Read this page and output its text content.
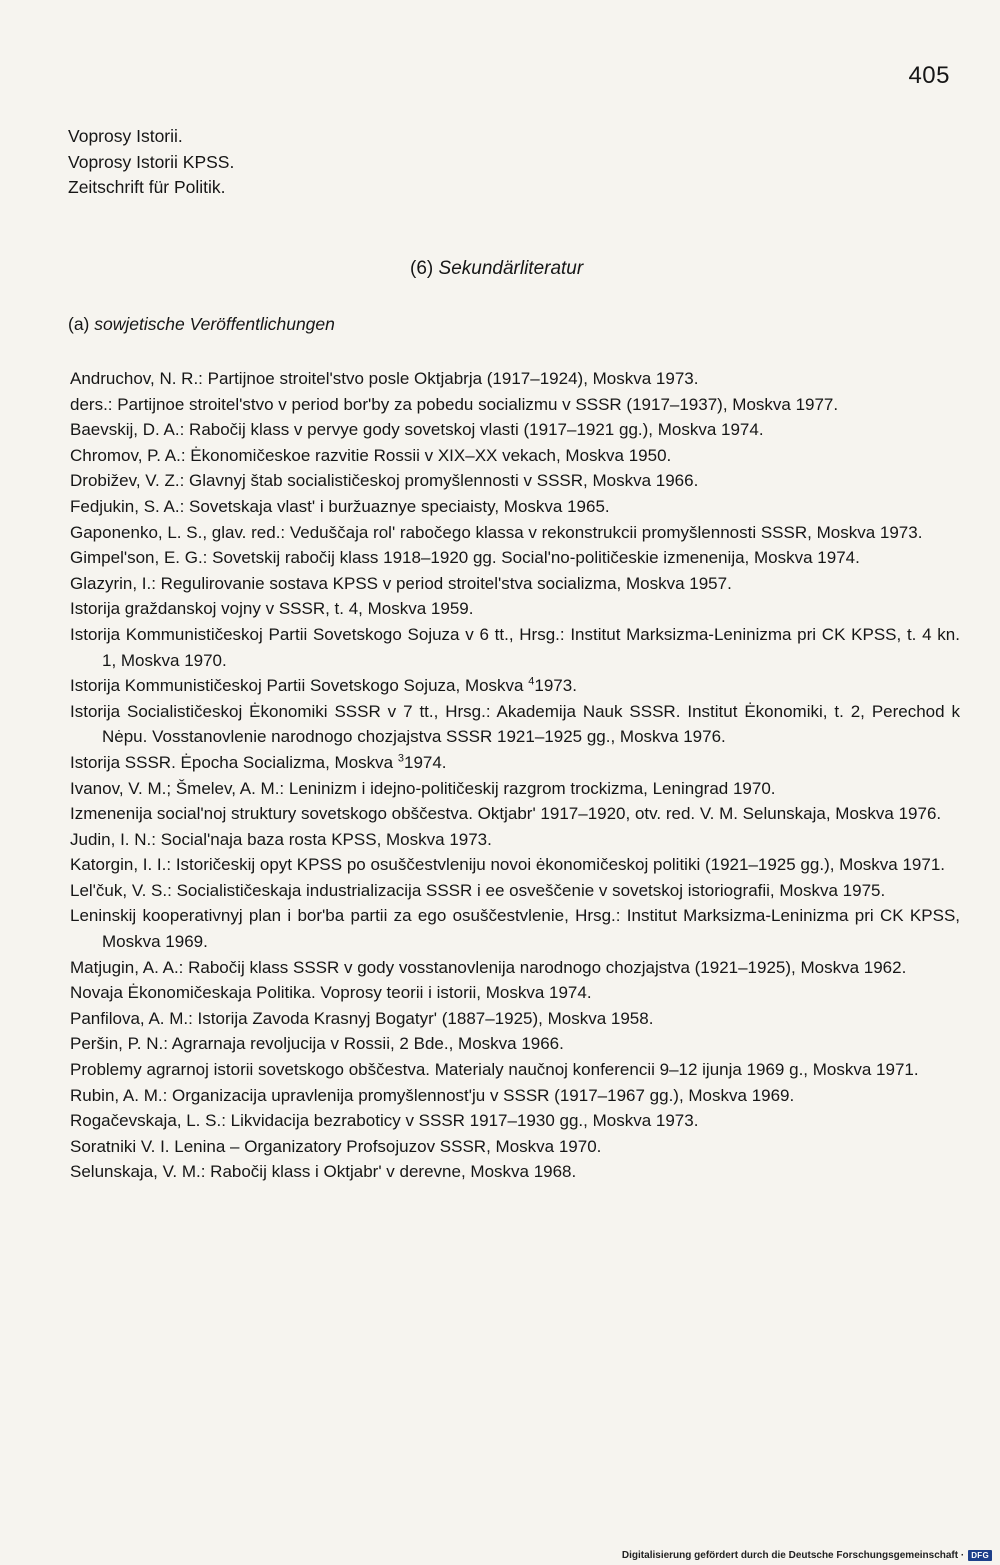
405
Voprosy Istorii.
Voprosy Istorii KPSS.
Zeitschrift für Politik.
(6) Sekundärliteratur
(a) sowjetische Veröffentlichungen
Andruchov, N. R.: Partijnoe stroitel'stvo posle Oktjabrja (1917–1924), Moskva 1973.
ders.: Partijnoe stroitel'stvo v period bor'by za pobedu socializmu v SSSR (1917–1937), Moskva 1977.
Baevskij, D. A.: Rabočij klass v pervye gody sovetskoj vlasti (1917–1921 gg.), Moskva 1974.
Chromov, P. A.: Ėkonomičeskoe razvitie Rossii v XIX–XX vekach, Moskva 1950.
Drobižev, V. Z.: Glavnyj štab socialističeskoj promyšlennosti v SSSR, Moskva 1966.
Fedjukin, S. A.: Sovetskaja vlast' i buržuaznye speciaisty, Moskva 1965.
Gaponenko, L. S., glav. red.: Veduščaja rol' rabočego klassa v rekonstrukcii promyšlennosti SSSR, Moskva 1973.
Gimpel'son, E. G.: Sovetskij rabočij klass 1918–1920 gg. Social'no-političeskie izmenenija, Moskva 1974.
Glazyrin, I.: Regulirovanie sostava KPSS v period stroitel'stva socializma, Moskva 1957.
Istorija graždanskoj vojny v SSSR, t. 4, Moskva 1959.
Istorija Kommunističeskoj Partii Sovetskogo Sojuza v 6 tt., Hrsg.: Institut Marksizma-Leninizma pri CK KPSS, t. 4 kn. 1, Moskva 1970.
Istorija Kommunističeskoj Partii Sovetskogo Sojuza, Moskva $^4$1973.
Istorija Socialističeskoj Ėkonomiki SSSR v 7 tt., Hrsg.: Akademija Nauk SSSR. Institut Ėkonomiki, t. 2, Perechod k Nėpu. Vosstanovlenie narodnogo chozjajstva SSSR 1921–1925 gg., Moskva 1976.
Istorija SSSR. Ėpocha Socializma, Moskva $^3$1974.
Ivanov, V. M.; Šmelev, A. M.: Leninizm i idejno-političeskij razgrom trockizma, Leningrad 1970.
Izmenenija social'noj struktury sovetskogo obščestva. Oktjabr' 1917–1920, otv. red. V. M. Selunskaja, Moskva 1976.
Judin, I. N.: Social'naja baza rosta KPSS, Moskva 1973.
Katorgin, I. I.: Istoričeskij opyt KPSS po osuščestvleniju novoi ėkonomičeskoj politiki (1921–1925 gg.), Moskva 1971.
Lel'čuk, V. S.: Socialističeskaja industrializacija SSSR i ee osveščenie v sovetskoj istoriografii, Moskva 1975.
Leninskij kooperativnyj plan i bor'ba partii za ego osuščestvlenie, Hrsg.: Institut Marksizma-Leninizma pri CK KPSS, Moskva 1969.
Matjugin, A. A.: Rabočij klass SSSR v gody vosstanovlenija narodnogo chozjajstva (1921–1925), Moskva 1962.
Novaja Ėkonomičeskaja Politika. Voprosy teorii i istorii, Moskva 1974.
Panfilova, A. M.: Istorija Zavoda Krasnyj Bogatyr' (1887–1925), Moskva 1958.
Peršin, P. N.: Agrarnaja revoljucija v Rossii, 2 Bde., Moskva 1966.
Problemy agrarnoj istorii sovetskogo obščestva. Materialy naučnoj konferencii 9–12 ijunja 1969 g., Moskva 1971.
Rubin, A. M.: Organizacija upravlenija promyšlennost'ju v SSSR (1917–1967 gg.), Moskva 1969.
Rogačevskaja, L. S.: Likvidacija bezraboticy v SSSR 1917–1930 gg., Moskva 1973.
Soratniki V. I. Lenina – Organizatory Profsojuzov SSSR, Moskva 1970.
Selunskaja, V. M.: Rabočij klass i Oktjabr' v derevne, Moskva 1968.
Digitalisierung gefördert durch die Deutsche Forschungsgemeinschaft · DFG
